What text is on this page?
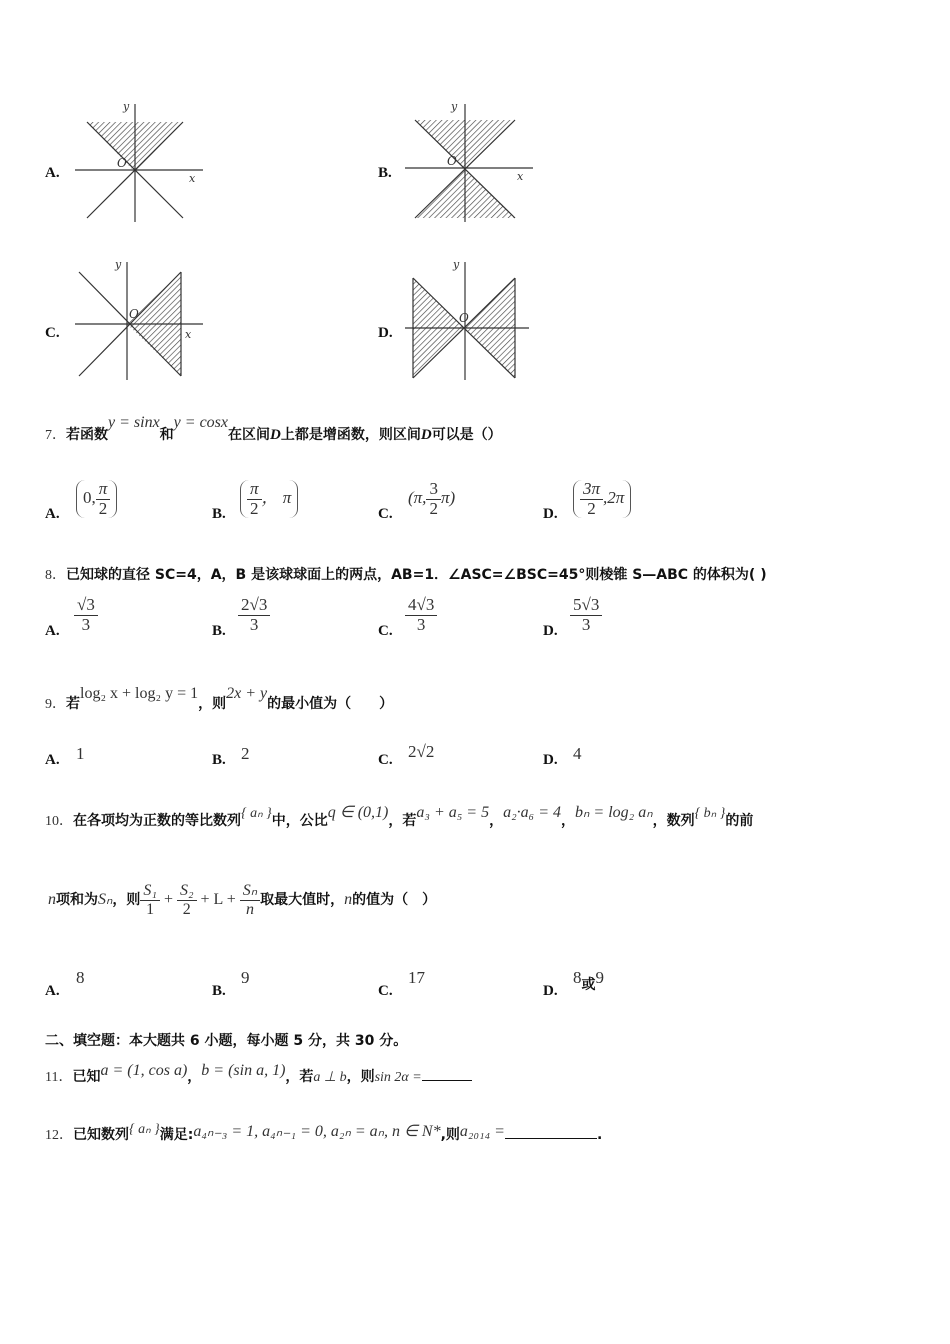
A.
y
x
O
B.
y
x
O
C.
y
x
O
D.
y
O
7．若函数y = sinx和y = cosx在区间D上都是增函数，则区间D可以是（）
A.
0, $\frac{\pi}{2}$	B. $\frac{\pi}{2}$ ， π
C.
(π, $\frac{3}{2} \pi$)
D. $\frac{3\pi}{2} ,2\pi$
8．已知球的直径 SC=4，A，B 是该球球面上的两点，AB=1．∠ASC=∠BSC=45°则棱锥 S—ABC 的体积为( )
A. $\frac{√3}{3}$	B. $\frac{2√3}{3}$	C. $\frac{4√3}{3}$	D. $\frac{5√3}{3}$
9．若log₂ x + log₂ y = 1，则2x + y的最小值为（　　）
A. 1	B. 2	C. 2√2	D. 4
10．在各项均为正数的等比数列{ aₙ }中，公比q ∈ (0,1)，若a₃ + a₅ = 5，a₂·a₆ = 4，bₙ = log₂ aₙ，数列{ bₙ }的前
n项和为Sₙ，则 $\frac{\text{S₁}}{1} + \frac{\text{S₂}}{2} + L + \frac{\text{Sₙ}}{n}$ 取最大值时，n的值为（　）
A.
8
B.
9
C.
17
D.
8或9
二、填空题：本大题共 6 小题，每小题 5 分，共 30 分。
11．已知a = (1, cos a)，b = (sin a, 1)，若a ⊥ b，则sin 2α =
12．已知数列{ aₙ }满足:a₄ₙ₋₃ = 1, a₄ₙ₋₁ = 0, a₂ₙ = aₙ, n ∈ N*,则a₂₀₁₄ =	.
